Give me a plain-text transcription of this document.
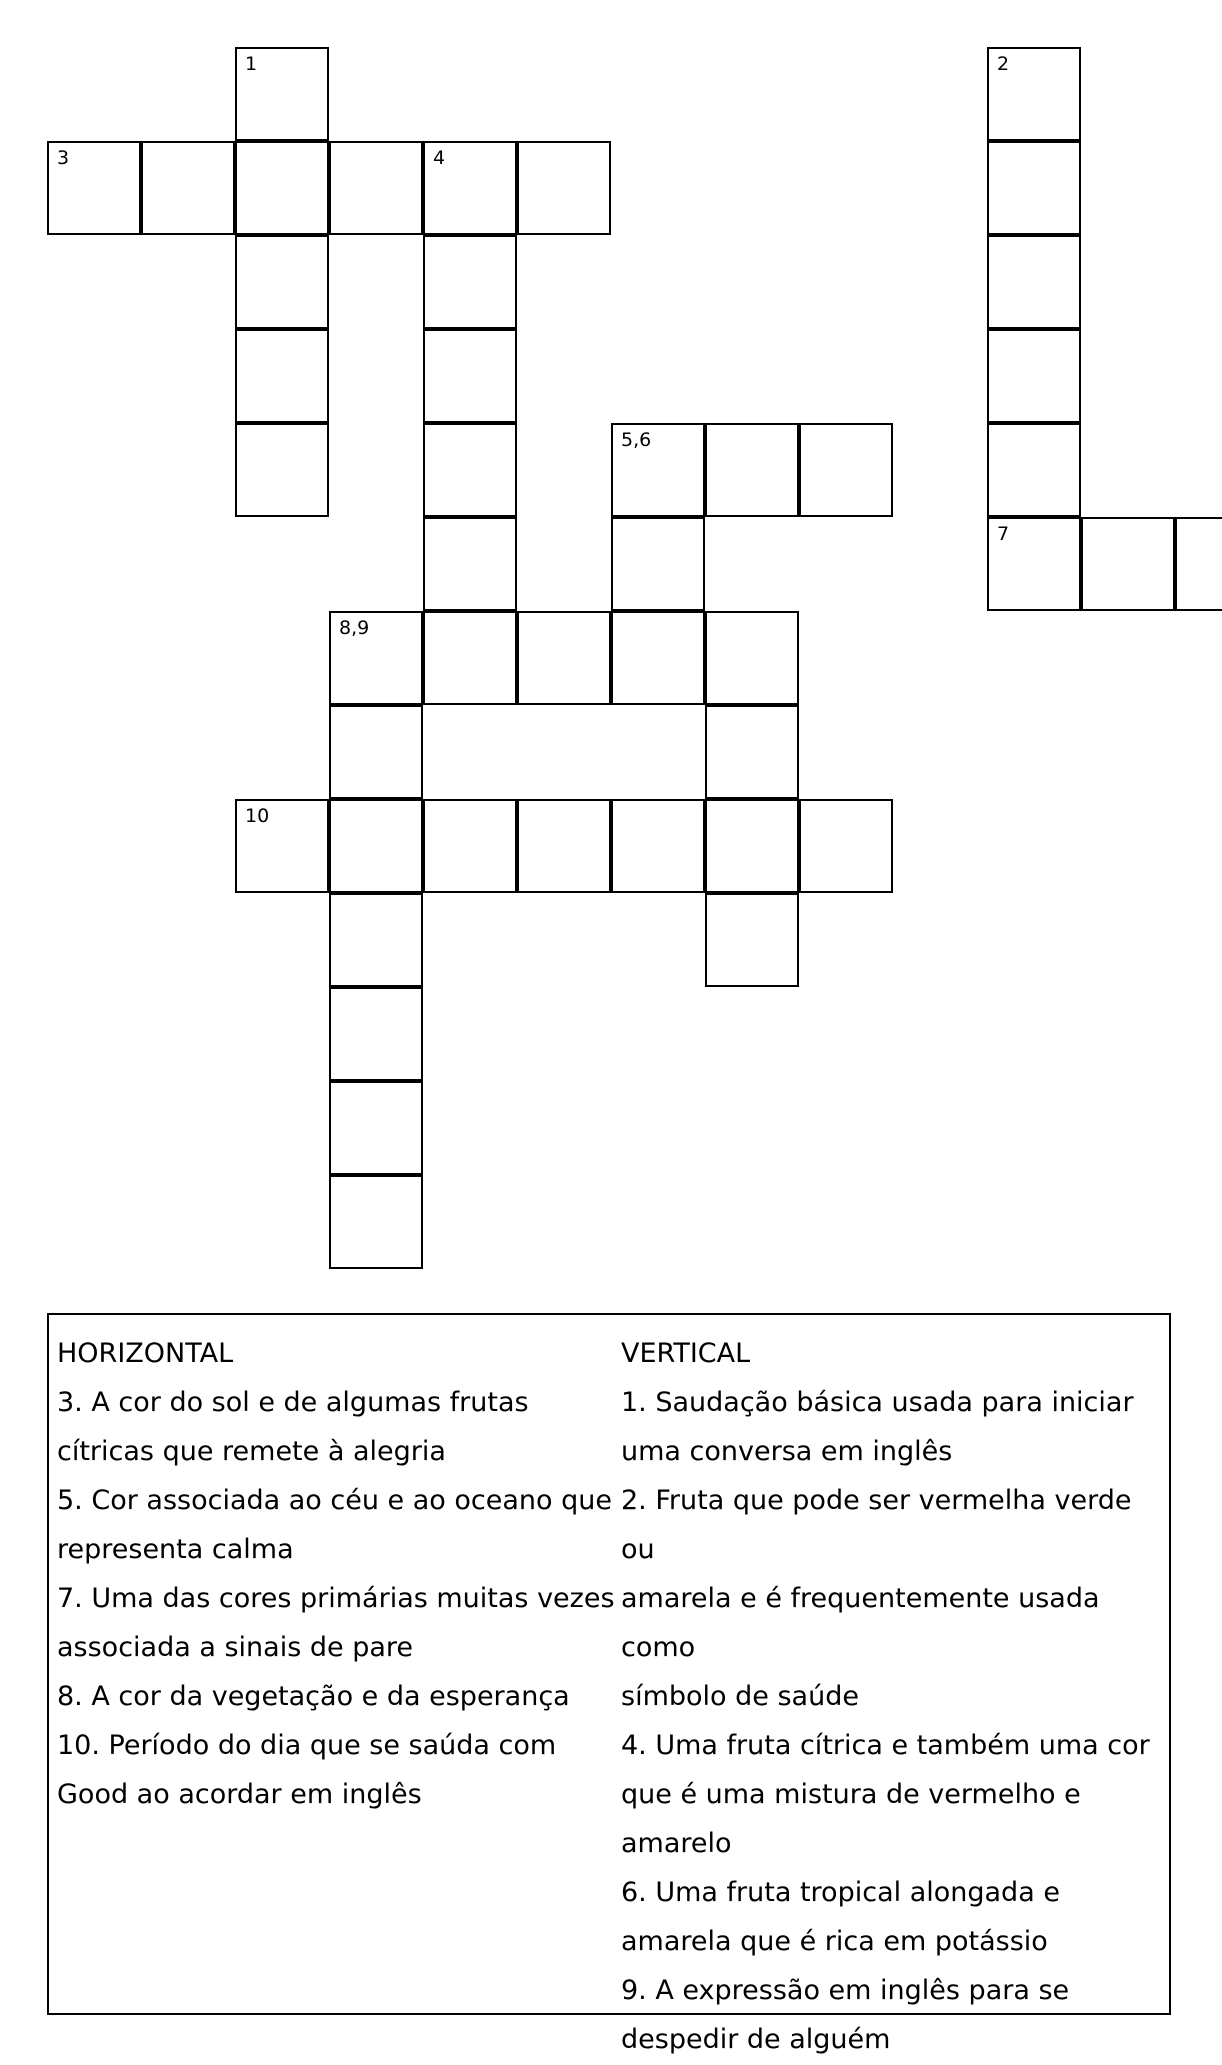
1	2
3	4
5,6
7
8,9
10
HORIZONTAL
3. A cor do sol e de algumas frutas
cítricas que remete à alegria
5. Cor associada ao céu e ao oceano que
representa calma
7. Uma das cores primárias muitas vezes
associada a sinais de pare
8. A cor da vegetação e da esperança
10. Período do dia que se saúda com
Good ao acordar em inglês
VERTICAL
1. Saudação básica usada para iniciar
uma conversa em inglês
2. Fruta que pode ser vermelha verde ou
amarela e é frequentemente usada como
símbolo de saúde
4. Uma fruta cítrica e também uma cor
que é uma mistura de vermelho e
amarelo
6. Uma fruta tropical alongada e
amarela que é rica em potássio
9. A expressão em inglês para se
despedir de alguém
